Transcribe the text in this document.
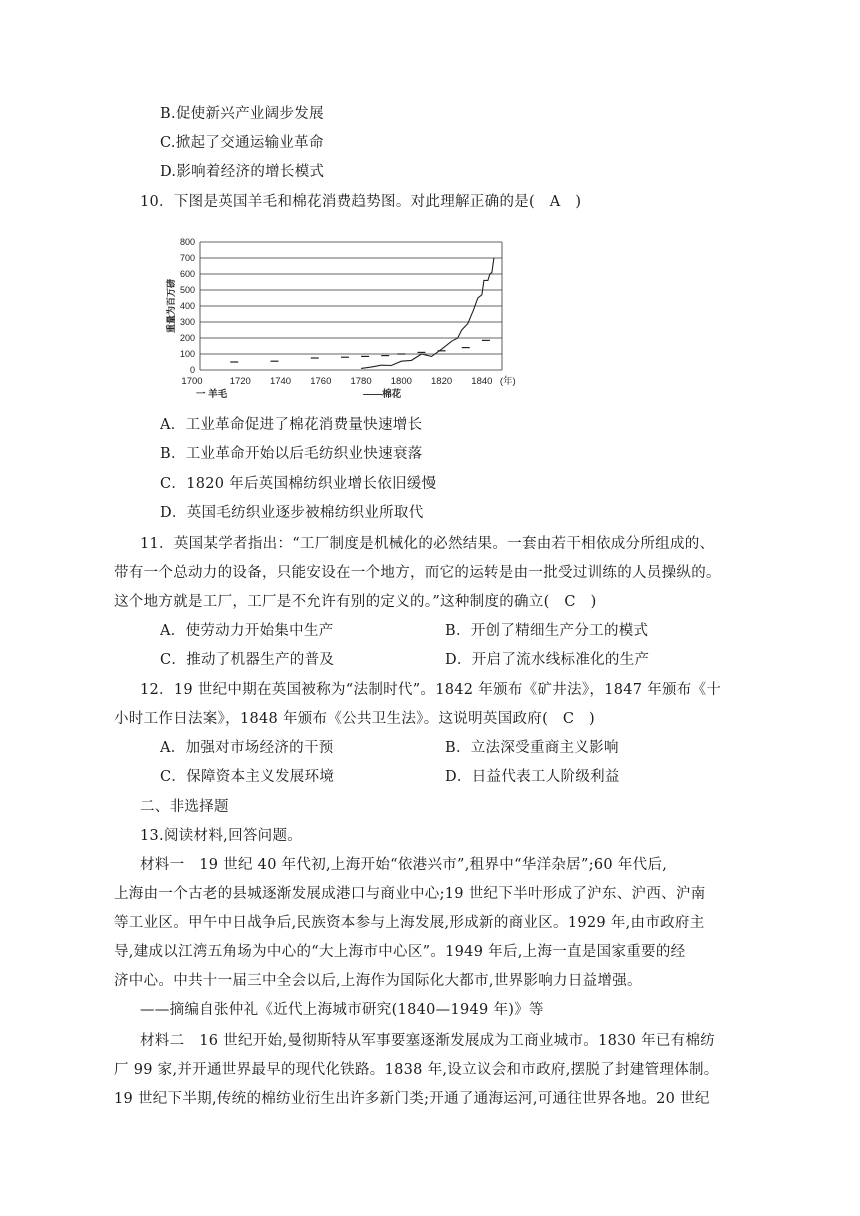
B.促使新兴产业阔步发展
C.掀起了交通运输业革命
D.影响着经济的增长模式
10．下图是英国羊毛和棉花消费趋势图。对此理解正确的是(　A　)
0
100
200
300
400
500
600
700
800
1700	1720 1740 1760 1780 1800 1820 1840 (年)
重量为百万磅
一 羊毛	——棉花
A．工业革命促进了棉花消费量快速增长
B．工业革命开始以后毛纺织业快速衰落
C．1820 年后英国棉纺织业增长依旧缓慢
D．英国毛纺织业逐步被棉纺织业所取代
11．英国某学者指出：“工厂制度是机械化的必然结果。一套由若干相依成分所组成的、
带有一个总动力的设备，只能安设在一个地方，而它的运转是由一批受过训练的人员操纵的。
这个地方就是工厂，工厂是不允许有别的定义的。”这种制度的确立(　C　)
A．使劳动力开始集中生产	B．开创了精细生产分工的模式
C．推动了机器生产的普及	D．开启了流水线标准化的生产
12．19 世纪中期在英国被称为“法制时代”。1842 年颁布《矿井法》，1847 年颁布《十
小时工作日法案》，1848 年颁布《公共卫生法》。这说明英国政府(　C　)
A．加强对市场经济的干预	B．立法深受重商主义影响
C．保障资本主义发展环境	D．日益代表工人阶级利益
二、非选择题
13.阅读材料,回答问题。
材料一　19 世纪 40 年代初,上海开始“依港兴市”,租界中“华洋杂居”;60 年代后,
上海由一个古老的县城逐渐发展成港口与商业中心;19 世纪下半叶形成了沪东、沪西、沪南
等工业区。甲午中日战争后,民族资本参与上海发展,形成新的商业区。1929 年,由市政府主
导,建成以江湾五角场为中心的“大上海市中心区”。1949 年后,上海一直是国家重要的经
济中心。中共十一届三中全会以后,上海作为国际化大都市,世界影响力日益增强。
——摘编自张仲礼《近代上海城市研究(1840—1949 年)》等
材料二　16 世纪开始,曼彻斯特从军事要塞逐渐发展成为工商业城市。1830 年已有棉纺
厂 99 家,并开通世界最早的现代化铁路。1838 年,设立议会和市政府,摆脱了封建管理体制。
19 世纪下半期,传统的棉纺业衍生出许多新门类;开通了通海运河,可通往世界各地。20 世纪
